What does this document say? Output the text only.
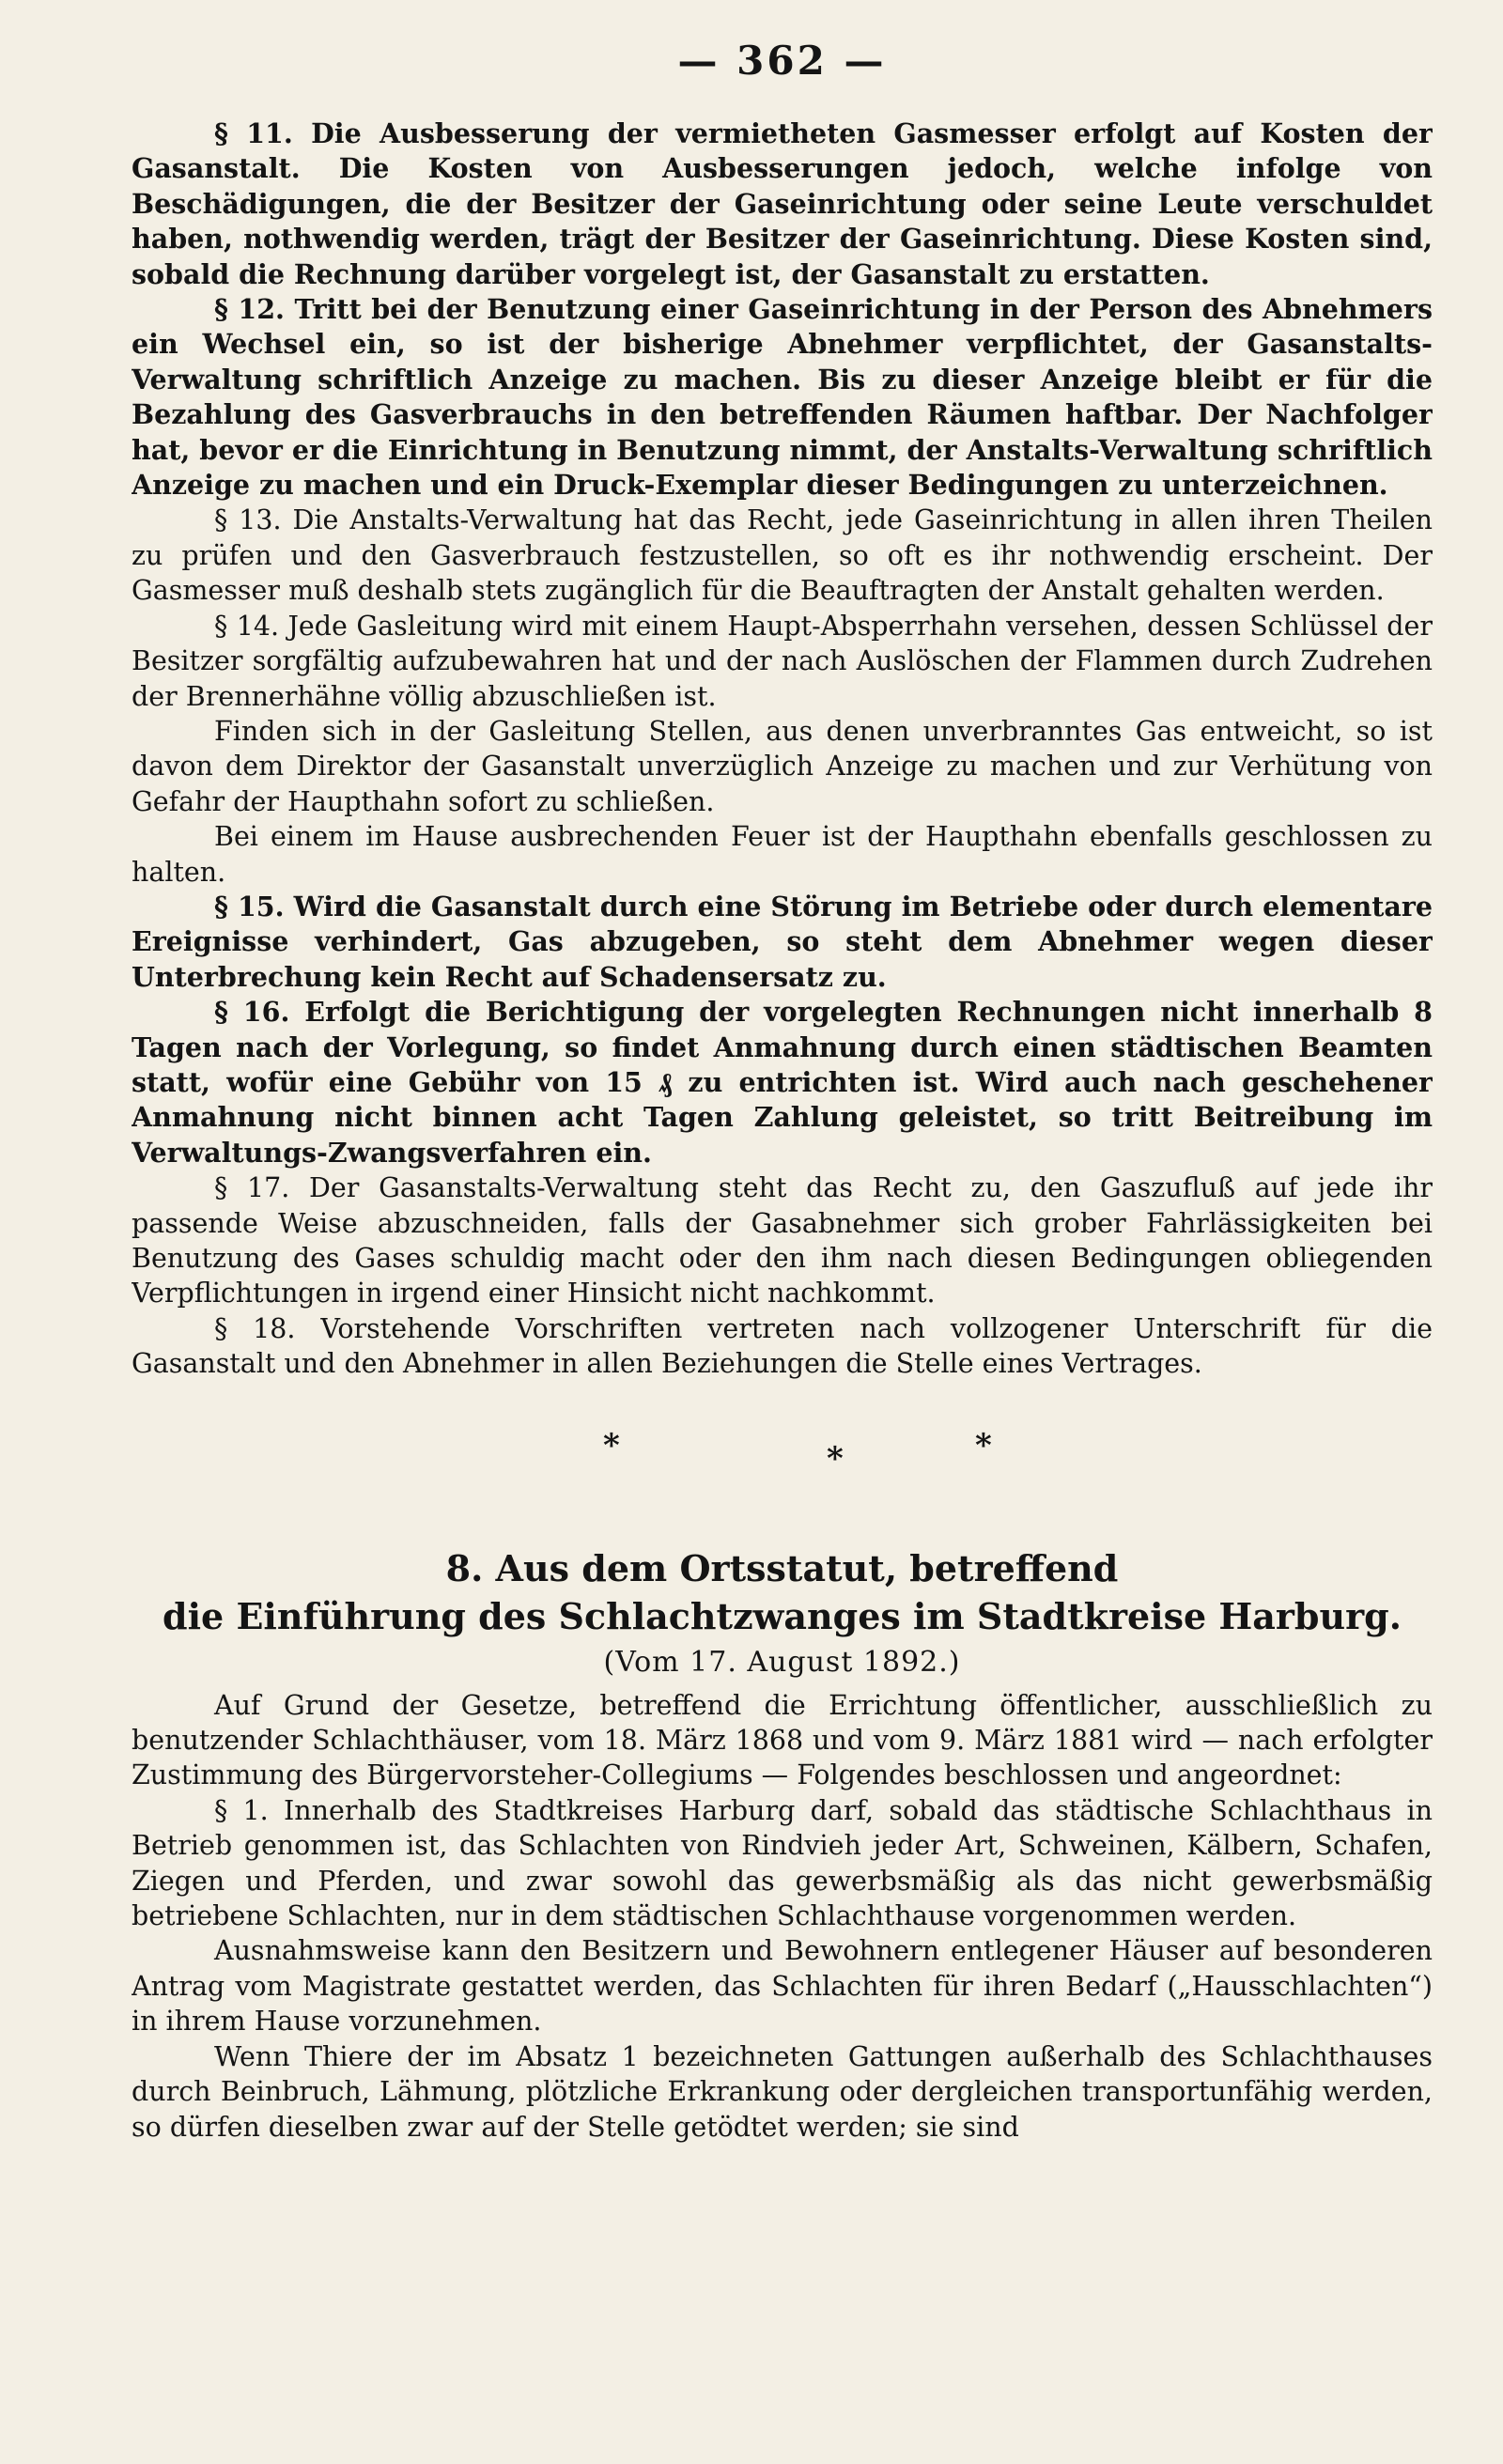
— 362 —

§ 11. Die Ausbesserung der vermietheten Gasmesser erfolgt auf Kosten der Gasanstalt. Die Kosten von Ausbesserungen jedoch, welche infolge von Beschädigungen, die der Besitzer der Gaseinrichtung oder seine Leute verschuldet haben, nothwendig werden, trägt der Besitzer der Gaseinrichtung. Diese Kosten sind, sobald die Rechnung darüber vorgelegt ist, der Gasanstalt zu erstatten.

§ 12. Tritt bei der Benutzung einer Gaseinrichtung in der Person des Abnehmers ein Wechsel ein, so ist der bisherige Abnehmer verpflichtet, der Gasanstalts-Verwaltung schriftlich Anzeige zu machen. Bis zu dieser Anzeige bleibt er für die Bezahlung des Gasverbrauchs in den betreffenden Räumen haftbar. Der Nachfolger hat, bevor er die Einrichtung in Benutzung nimmt, der Anstalts-Verwaltung schriftlich Anzeige zu machen und ein Druck-Exemplar dieser Bedingungen zu unterzeichnen.

§ 13. Die Anstalts-Verwaltung hat das Recht, jede Gaseinrichtung in allen ihren Theilen zu prüfen und den Gasverbrauch festzustellen, so oft es ihr nothwendig erscheint. Der Gasmesser muß deshalb stets zugänglich für die Beauftragten der Anstalt gehalten werden.

§ 14. Jede Gasleitung wird mit einem Haupt-Absperrhahn versehen, dessen Schlüssel der Besitzer sorgfältig aufzubewahren hat und der nach Auslöschen der Flammen durch Zudrehen der Brennerhähne völlig abzuschließen ist.

Finden sich in der Gasleitung Stellen, aus denen unverbranntes Gas entweicht, so ist davon dem Direktor der Gasanstalt unverzüglich Anzeige zu machen und zur Verhütung von Gefahr der Haupthahn sofort zu schließen.

Bei einem im Hause ausbrechenden Feuer ist der Haupthahn ebenfalls geschlossen zu halten.

§ 15. Wird die Gasanstalt durch eine Störung im Betriebe oder durch elementare Ereignisse verhindert, Gas abzugeben, so steht dem Abnehmer wegen dieser Unterbrechung kein Recht auf Schadensersatz zu.

§ 16. Erfolgt die Berichtigung der vorgelegten Rechnungen nicht innerhalb 8 Tagen nach der Vorlegung, so findet Anmahnung durch einen städtischen Beamten statt, wofür eine Gebühr von 15 ₰ zu entrichten ist. Wird auch nach geschehener Anmahnung nicht binnen acht Tagen Zahlung geleistet, so tritt Beitreibung im Verwaltungs-Zwangsverfahren ein.

§ 17. Der Gasanstalts-Verwaltung steht das Recht zu, den Gaszufluß auf jede ihr passende Weise abzuschneiden, falls der Gasabnehmer sich grober Fahrlässigkeiten bei Benutzung des Gases schuldig macht oder den ihm nach diesen Bedingungen obliegenden Verpflichtungen in irgend einer Hinsicht nicht nachkommt.

§ 18. Vorstehende Vorschriften vertreten nach vollzogener Unterschrift für die Gasanstalt und den Abnehmer in allen Beziehungen die Stelle eines Vertrages.

*	*	*
8. Aus dem Ortsstatut, betreffend
die Einführung des Schlachtzwanges im Stadtkreise Harburg.
(Vom 17. August 1892.)

Auf Grund der Gesetze, betreffend die Errichtung öffentlicher, ausschließlich zu benutzender Schlachthäuser, vom 18. März 1868 und vom 9. März 1881 wird — nach erfolgter Zustimmung des Bürgervorsteher-Collegiums — Folgendes beschlossen und angeordnet:

§ 1. Innerhalb des Stadtkreises Harburg darf, sobald das städtische Schlachthaus in Betrieb genommen ist, das Schlachten von Rindvieh jeder Art, Schweinen, Kälbern, Schafen, Ziegen und Pferden, und zwar sowohl das gewerbsmäßig als das nicht gewerbsmäßig betriebene Schlachten, nur in dem städtischen Schlachthause vorgenommen werden.

Ausnahmsweise kann den Besitzern und Bewohnern entlegener Häuser auf besonderen Antrag vom Magistrate gestattet werden, das Schlachten für ihren Bedarf („Hausschlachten“) in ihrem Hause vorzunehmen.

Wenn Thiere der im Absatz 1 bezeichneten Gattungen außerhalb des Schlachthauses durch Beinbruch, Lähmung, plötzliche Erkrankung oder dergleichen transportunfähig werden, so dürfen dieselben zwar auf der Stelle getödtet werden; sie sind
